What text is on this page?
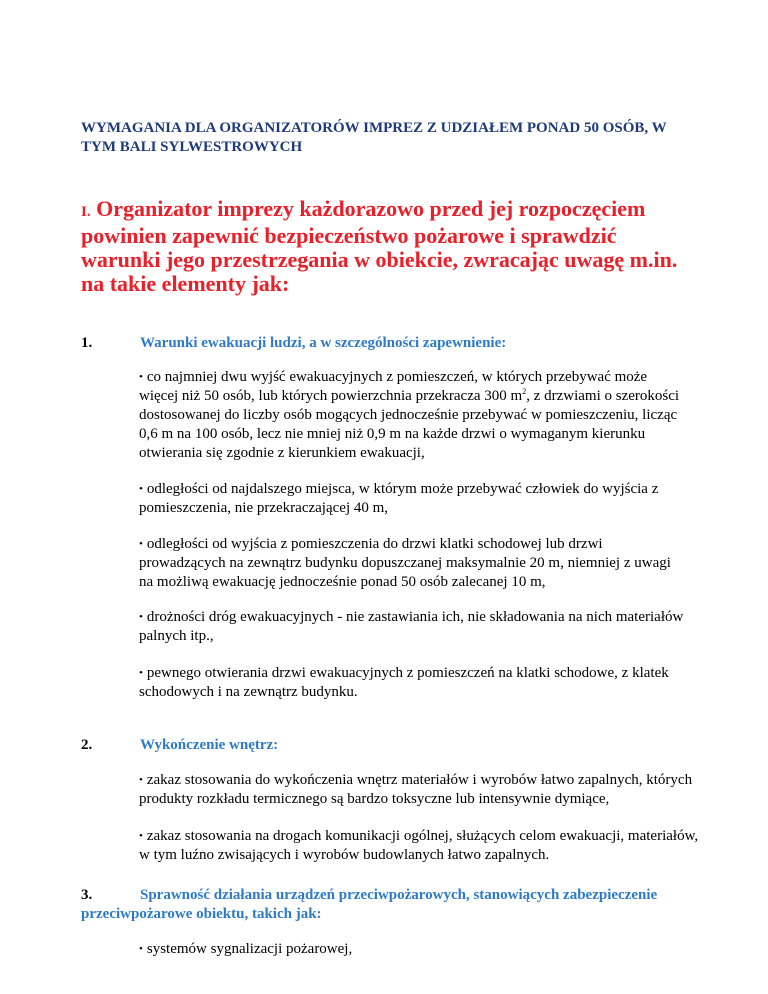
WYMAGANIA DLA ORGANIZATORÓW IMPREZ Z UDZIAŁEM PONAD 50 OSÓB, W TYM BALI SYLWESTROWYCH

I. Organizator imprezy każdorazowo przed jej rozpoczęciem powinien zapewnić bezpieczeństwo pożarowe i sprawdzić warunki jego przestrzegania w obiekcie, zwracając uwagę m.in. na takie elementy jak:

1.	Warunki ewakuacji ludzi, a w szczególności zapewnienie:

• co najmniej dwu wyjść ewakuacyjnych z pomieszczeń, w których przebywać może więcej niż 50 osób, lub których powierzchnia przekracza 300 $m^2$, z drzwiami o szerokości dostosowanej do liczby osób mogących jednocześnie przebywać w pomieszczeniu, licząc 0,6 m na 100 osób, lecz nie mniej niż 0,9 m na każde drzwi o wymaganym kierunku otwierania się zgodnie z kierunkiem ewakuacji,

• odległości od najdalszego miejsca, w którym może przebywać człowiek do wyjścia z pomieszczenia, nie przekraczającej 40 m,

• odległości od wyjścia z pomieszczenia do drzwi klatki schodowej lub drzwi prowadzących na zewnątrz budynku dopuszczanej maksymalnie 20 m, niemniej z uwagi na możliwą ewakuację jednocześnie ponad 50 osób zalecanej 10 m,

• drożności dróg ewakuacyjnych - nie zastawiania ich, nie składowania na nich materiałów palnych itp.,

• pewnego otwierania drzwi ewakuacyjnych z pomieszczeń na klatki schodowe, z klatek schodowych i na zewnątrz budynku.

2.	Wykończenie wnętrz:

• zakaz stosowania do wykończenia wnętrz materiałów i wyrobów łatwo zapalnych, których produkty rozkładu termicznego są bardzo toksyczne lub intensywnie dymiące,

• zakaz stosowania na drogach komunikacji ogólnej, służących celom ewakuacji, materiałów, w tym luźno zwisających i wyrobów budowlanych łatwo zapalnych.

3.	Sprawność działania urządzeń przeciwpożarowych, stanowiących zabezpieczenie przeciwpożarowe obiektu, takich jak:

• systemów sygnalizacji pożarowej,
